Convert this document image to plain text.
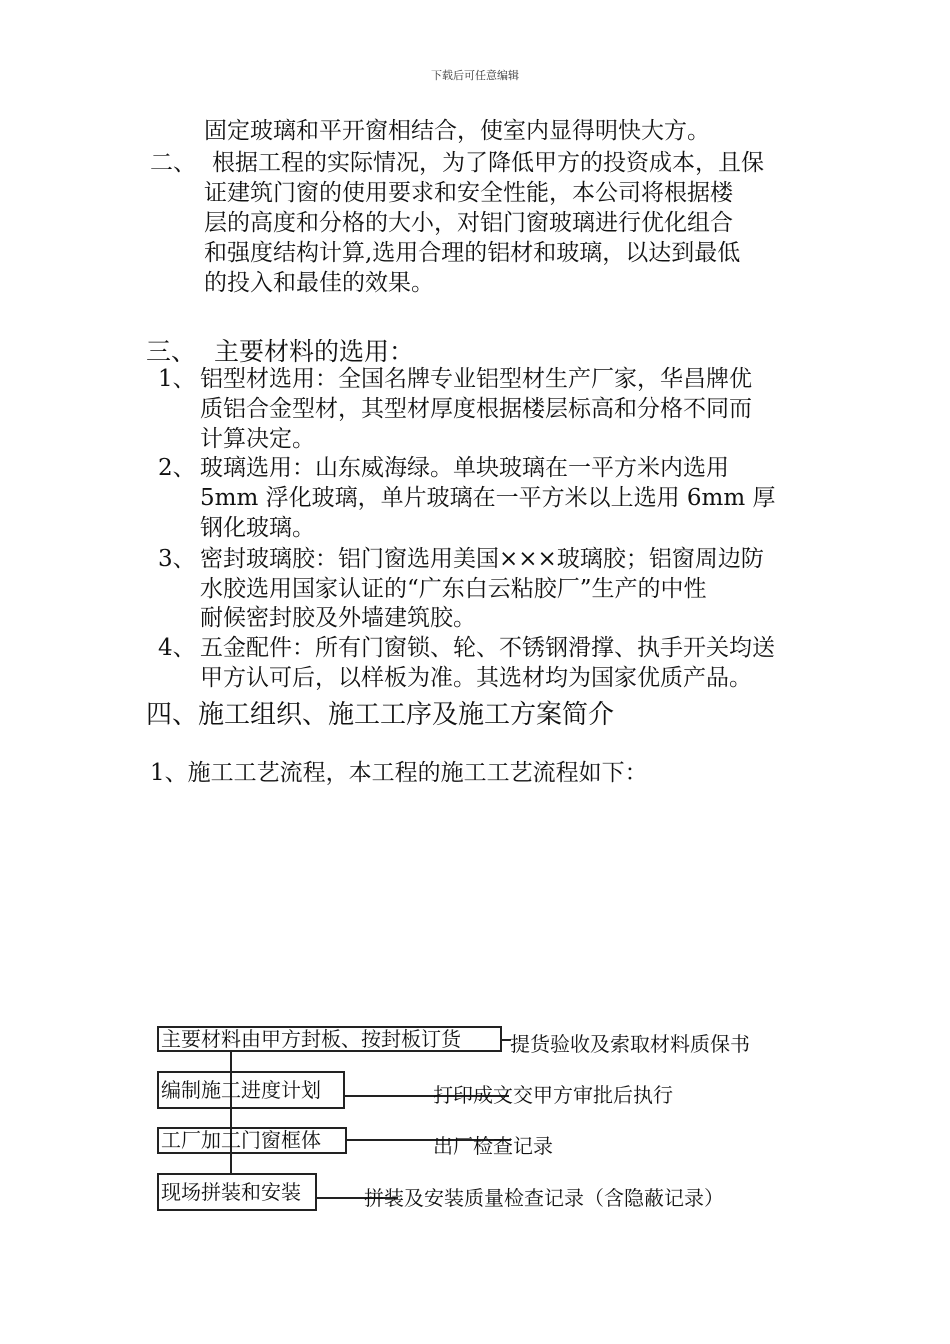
下载后可任意编辑
固定玻璃和平开窗相结合，使室内显得明快大方。
二、 根据工程的实际情况，为了降低甲方的投资成本，且保
证建筑门窗的使用要求和安全性能，本公司将根据楼
层的高度和分格的大小，对铝门窗玻璃进行优化组合
和强度结构计算,选用合理的铝材和玻璃，以达到最低
的投入和最佳的效果。
三、 主要材料的选用：
1、 铝型材选用：全国名牌专业铝型材生产厂家，华昌牌优
质铝合金型材，其型材厚度根据楼层标高和分格不同而
计算决定。
2、 玻璃选用：山东威海绿。单块玻璃在一平方米内选用
5mm 浮化玻璃，单片玻璃在一平方米以上选用 6mm 厚
钢化玻璃。
3、 密封玻璃胶：铝门窗选用美国×××玻璃胶；铝窗周边防
水胶选用国家认证的“广东白云粘胶厂”生产的中性
耐候密封胶及外墙建筑胶。
4、 五金配件：所有门窗锁、轮、不锈钢滑撑、执手开关均送
甲方认可后，以样板为准。其选材均为国家优质产品。
四、施工组织、施工工序及施工方案简介
1、施工工艺流程，本工程的施工工艺流程如下：
主要材料由甲方封板、按封板订货
编制施工进度计划
工厂加工门窗框体
现场拼装和安装
提货验收及索取材料质保书
打印成文交甲方审批后执行
出厂检查记录
拼装及安装质量检查记录（含隐蔽记录）
